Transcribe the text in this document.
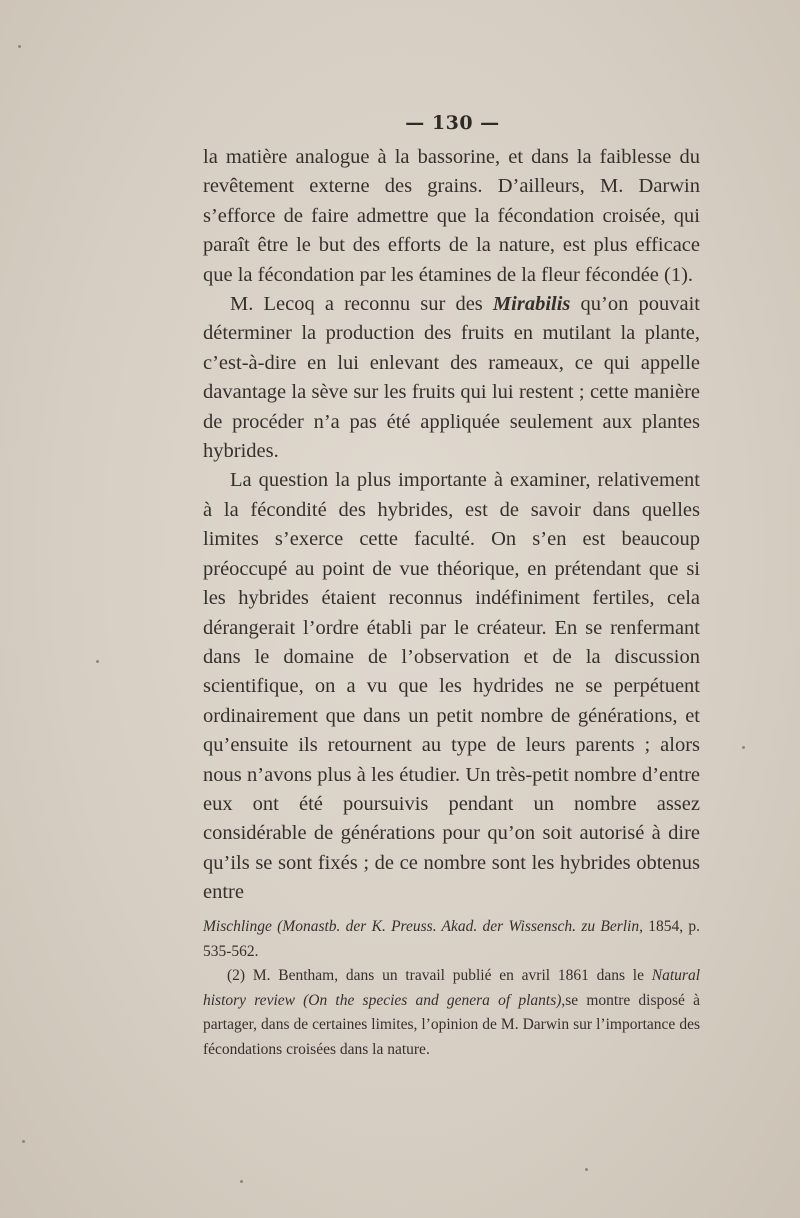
— 130 —

la matière analogue à la bassorine, et dans la faiblesse du revêtement externe des grains. D’ailleurs, M. Darwin s’efforce de faire admettre que la fécondation croisée, qui paraît être le but des efforts de la nature, est plus efficace que la fécondation par les étamines de la fleur fécondée (1).

M. Lecoq a reconnu sur des Mirabilis qu’on pouvait déterminer la production des fruits en mutilant la plante, c’est-à-dire en lui enlevant des rameaux, ce qui appelle davantage la sève sur les fruits qui lui restent ; cette manière de procéder n’a pas été appliquée seulement aux plantes hybrides.

La question la plus importante à examiner, relativement à la fécondité des hybrides, est de savoir dans quelles limites s’exerce cette faculté. On s’en est beaucoup préoccupé au point de vue théorique, en prétendant que si les hybrides étaient reconnus indéfiniment fertiles, cela dérangerait l’ordre établi par le créateur. En se renfermant dans le domaine de l’observation et de la discussion scientifique, on a vu que les hydrides ne se perpétuent ordinairement que dans un petit nombre de générations, et qu’ensuite ils retournent au type de leurs parents ; alors nous n’avons plus à les étudier. Un très-petit nombre d’entre eux ont été poursuivis pendant un nombre assez considérable de générations pour qu’on soit autorisé à dire qu’ils se sont fixés ; de ce nombre sont les hybrides obtenus entre

Mischlinge (Monastb. der K. Preuss. Akad. der Wissensch. zu Berlin, 1854, p. 535-562.

(2) M. Bentham, dans un travail publié en avril 1861 dans le Natural history review (On the species and genera of plants),se montre disposé à partager, dans de certaines limites, l’opinion de M. Darwin sur l’importance des fécondations croisées dans la nature.
